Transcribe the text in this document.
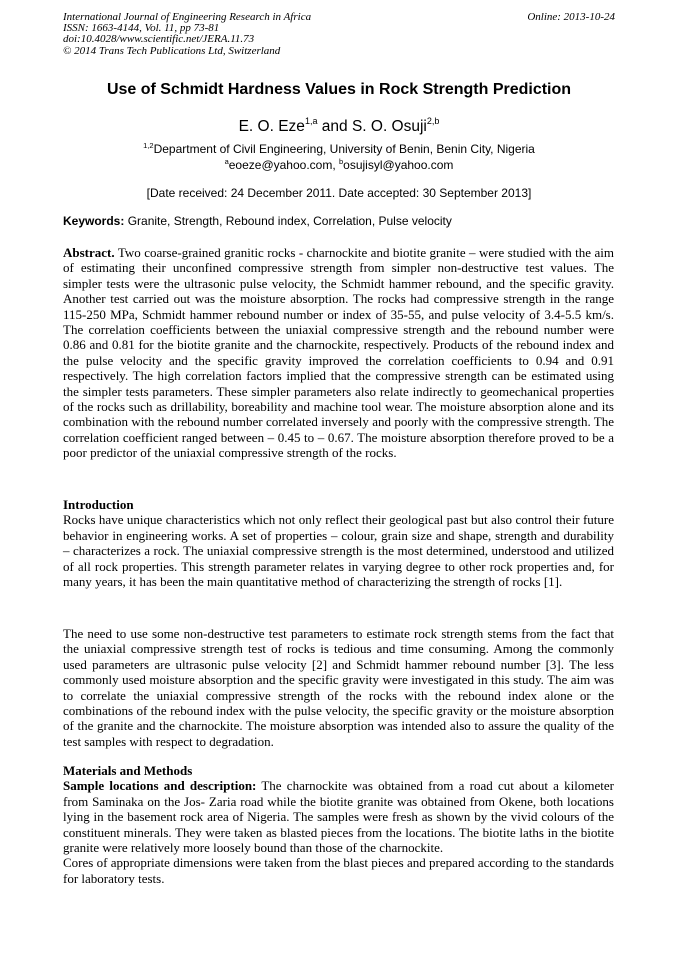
International Journal of Engineering Research in Africa
ISSN: 1663-4144, Vol. 11, pp 73-81
doi:10.4028/www.scientific.net/JERA.11.73
© 2014 Trans Tech Publications Ltd, Switzerland
Online: 2013-10-24
Use of Schmidt Hardness Values in Rock Strength Prediction
E. O. Eze$^{1,a}$ and S. O. Osuji$^{2,b}$
$^{1,2}$Department of Civil Engineering, University of Benin, Benin City, Nigeria
$^a$eoeze@yahoo.com, $^b$osujisyl@yahoo.com
[Date received: 24 December 2011. Date accepted: 30 September 2013]
Keywords: Granite, Strength, Rebound index, Correlation, Pulse velocity

Abstract. Two coarse-grained granitic rocks - charnockite and biotite granite – were studied with the aim of estimating their unconfined compressive strength from simpler non-destructive test values. The simpler tests were the ultrasonic pulse velocity, the Schmidt hammer rebound, and the specific gravity. Another test carried out was the moisture absorption. The rocks had compressive strength in the range 115-250 MPa, Schmidt hammer rebound number or index of 35-55, and pulse velocity of 3.4-5.5 km/s. The correlation coefficients between the uniaxial compressive strength and the rebound number were 0.86 and 0.81 for the biotite granite and the charnockite, respectively. Products of the rebound index and the pulse velocity and the specific gravity improved the correlation coefficients to 0.94 and 0.91 respectively. The high correlation factors implied that the compressive strength can be estimated using the simpler tests parameters. These simpler parameters also relate indirectly to geomechanical properties of the rocks such as drillability, boreability and machine tool wear. The moisture absorption alone and its combination with the rebound number correlated inversely and poorly with the compressive strength. The correlation coefficient ranged between – 0.45 to – 0.67. The moisture absorption therefore proved to be a poor predictor of the uniaxial compressive strength of the rocks.

Introduction

Rocks have unique characteristics which not only reflect their geological past but also control their future behavior in engineering works. A set of properties – colour, grain size and shape, strength and durability – characterizes a rock. The uniaxial compressive strength is the most determined, understood and utilized of all rock properties. This strength parameter relates in varying degree to other rock properties and, for many years, it has been the main quantitative method of characterizing the strength of rocks [1].

The need to use some non-destructive test parameters to estimate rock strength stems from the fact that the uniaxial compressive strength test of rocks is tedious and time consuming. Among the commonly used parameters are ultrasonic pulse velocity [2] and Schmidt hammer rebound number [3]. The less commonly used moisture absorption and the specific gravity were investigated in this study. The aim was to correlate the uniaxial compressive strength of the rocks with the rebound index alone or the combinations of the rebound index with the pulse velocity, the specific gravity or the moisture absorption of the granite and the charnockite. The moisture absorption was intended also to assure the quality of the test samples with respect to degradation.

Materials and Methods

Sample locations and description: The charnockite was obtained from a road cut about a kilometer from Saminaka on the Jos- Zaria road while the biotite granite was obtained from Okene, both locations lying in the basement rock area of Nigeria. The samples were fresh as shown by the vivid colours of the constituent minerals. They were taken as blasted pieces from the locations. The biotite laths in the biotite granite were relatively more loosely bound than those of the charnockite.

Cores of appropriate dimensions were taken from the blast pieces and prepared according to the standards for laboratory tests.
